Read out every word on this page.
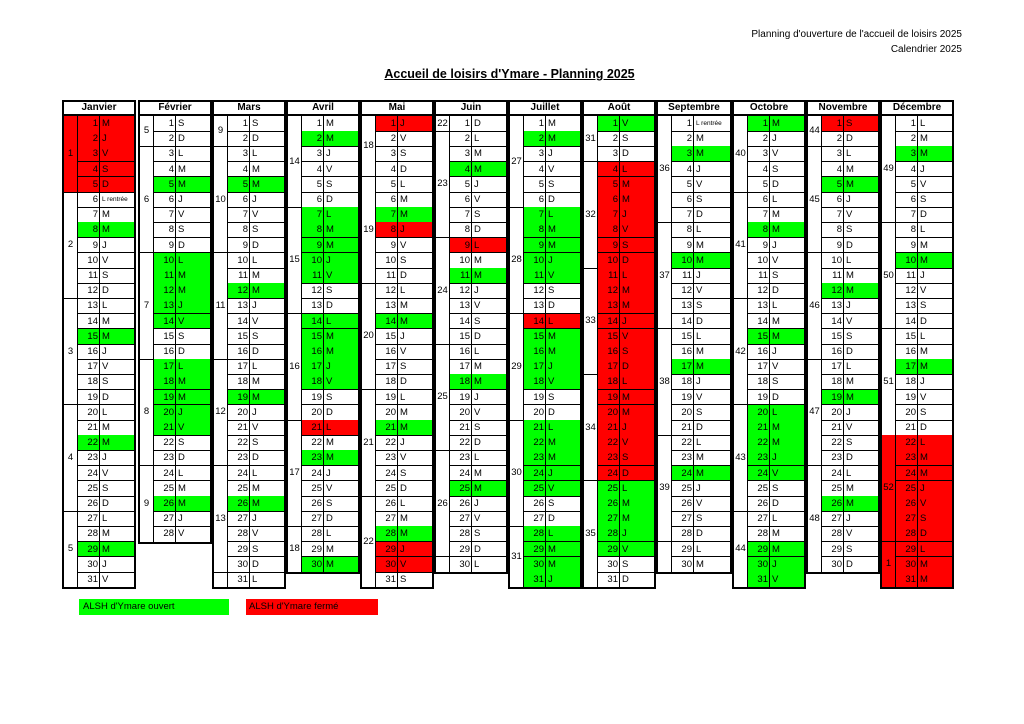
Planning d'ouverture de l'accueil de loisirs 2025
Calendrier 2025
Accueil de loisirs d'Ymare - Planning 2025
Janvier
1 M
2 J
3 V
4 S
5 D
6 L rentrée
7 M
8 M
9 J
10 V
11 S
12 D
13 L
14 M
15 M
16 J
17 V
18 S
19 D
20 L
21 M
22 M
23 J
24 V
25 S
26 D
27 L
28 M
29 M
30 J
31 V
1
2
3
4
5
Février
1 S
2 D
3 L
4 M
5 M
6 J
7 V
8 S
9 D
10 L
11 M
12 M
13 J
14 V
15 S
16 D
17 L
18 M
19 M
20 J
21 V
22 S
23 D
24 L
25 M
26 M
27 J
28 V
5
6
7
8
9
Mars
1 S
2 D
3 L
4 M
5 M
6 J
7 V
8 S
9 D
10 L
11 M
12 M
13 J
14 V
15 S
16 D
17 L
18 M
19 M
20 J
21 V
22 S
23 D
24 L
25 M
26 M
27 J
28 V
29 S
30 D
31 L
9
10
11
12
13
Avril
1 M
2 M
3 J
4 V
5 S
6 D
7 L
8 M
9 M
10 J
11 V
12 S
13 D
14 L
15 M
16 M
17 J
18 V
19 S
20 D
21 L
22 M
23 M
24 J
25 V
26 S
27 D
28 L
29 M
30 M
14
15
16
17
18
Mai
1 J
2 V
3 S
4 D
5 L
6 M
7 M
8 J
9 V
10 S
11 D
12 L
13 M
14 M
15 J
16 V
17 S
18 D
19 L
20 M
21 M
22 J
23 V
24 S
25 D
26 L
27 M
28 M
29 J
30 V
31 S
18
19
20
21
22
Juin
1 D
2 L
3 M
4 M
5 J
6 V
7 S
8 D
9 L
10 M
11 M
12 J
13 V
14 S
15 D
16 L
17 M
18 M
19 J
20 V
21 S
22 D
23 L
24 M
25 M
26 J
27 V
28 S
29 D
30 L
22
23
24
25
26
Juillet
1 M
2 M
3 J
4 V
5 S
6 D
7 L
8 M
9 M
10 J
11 V
12 S
13 D
14 L
15 M
16 M
17 J
18 V
19 S
20 D
21 L
22 M
23 M
24 J
25 V
26 S
27 D
28 L
29 M
30 M
31 J
27
28
29
30
31
Août
1 V
2 S
3 D
4 L
5 M
6 M
7 J
8 V
9 S
10 D
11 L
12 M
13 M
14 J
15 V
16 S
17 D
18 L
19 M
20 M
21 J
22 V
23 S
24 D
25 L
26 M
27 M
28 J
29 V
30 S
31 D
31
32
33
34
35
Septembre
1 L rentrée
2 M
3 M
4 J
5 V
6 S
7 D
8 L
9 M
10 M
11 J
12 V
13 S
14 D
15 L
16 M
17 M
18 J
19 V
20 S
21 D
22 L
23 M
24 M
25 J
26 V
27 S
28 D
29 L
30 M
36
37
38
39
Octobre
1 M
2 J
3 V
4 S
5 D
6 L
7 M
8 M
9 J
10 V
11 S
12 D
13 L
14 M
15 M
16 J
17 V
18 S
19 D
20 L
21 M
22 M
23 J
24 V
25 S
26 D
27 L
28 M
29 M
30 J
31 V
40
41
42
43
44
Novembre
1 S
2 D
3 L
4 M
5 M
6 J
7 V
8 S
9 D
10 L
11 M
12 M
13 J
14 V
15 S
16 D
17 L
18 M
19 M
20 J
21 V
22 S
23 D
24 L
25 M
26 M
27 J
28 V
29 S
30 D
44
45
46
47
48
Décembre
1 L
2 M
3 M
4 J
5 V
6 S
7 D
8 L
9 M
10 M
11 J
12 V
13 S
14 D
15 L
16 M
17 M
18 J
19 V
20 S
21 D
22 L
23 M
24 M
25 J
26 V
27 S
28 D
29 L
30 M
31 M
49
50
51
52
1
ALSH d'Ymare ouvert	ALSH d'Ymare fermé
